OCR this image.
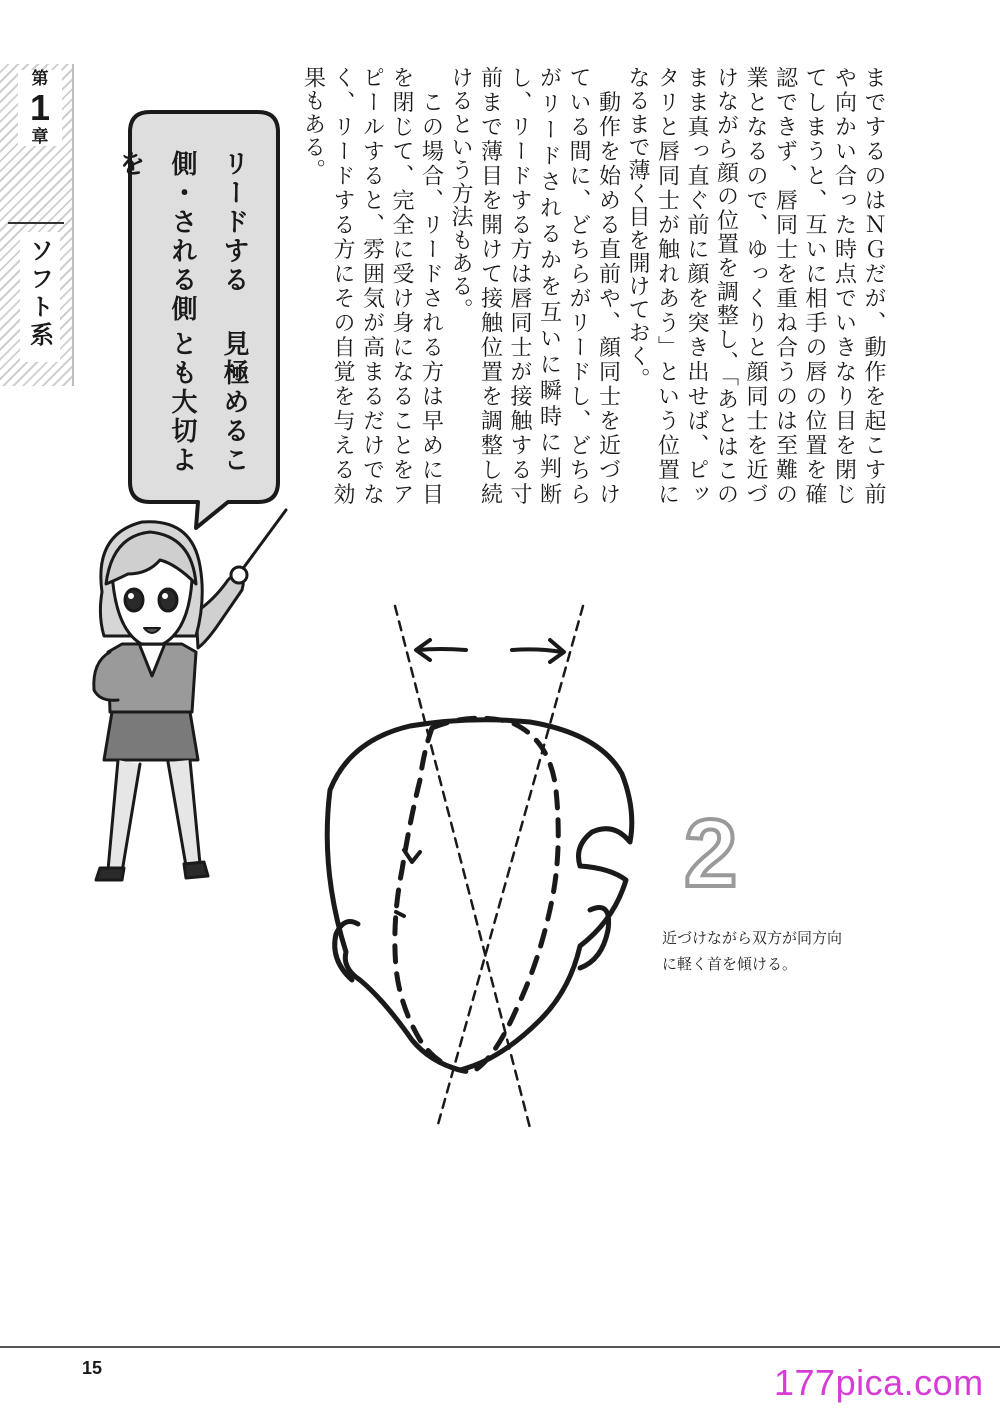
第
1
章
ソフト系	までするのはＮＧだが、動作を起こす前や向かい合った時点でいきなり目を閉じてしまうと、互いに相手の唇の位置を確認できず、唇同士を重ね合うのは至難の業となるので、ゆっくりと顔同士を近づけながら顔の位置を調整し、「あとはこのまま真っ直ぐ前に顔を突き出せば、ピッタリと唇同士が触れあう」という位置になるまで薄く目を開けておく。

　動作を始める直前や、顔同士を近づけている間に、どちらがリードし、どちらがリードされるかを互いに瞬時に判断し、リードする方は唇同士が接触する寸前まで薄目を開けて接触位置を調整し続けるという方法もある。

　この場合、リードされる方は早めに目を閉じて、完全に受け身になることをアピールすると、雰囲気が高まるだけでなく、リードする方にその自覚を与える効果もある。

リードする側・される側を
見極めることも大切よ
2
近づけながら双方が同方向
に軽く首を傾ける。
15	177pica.com
